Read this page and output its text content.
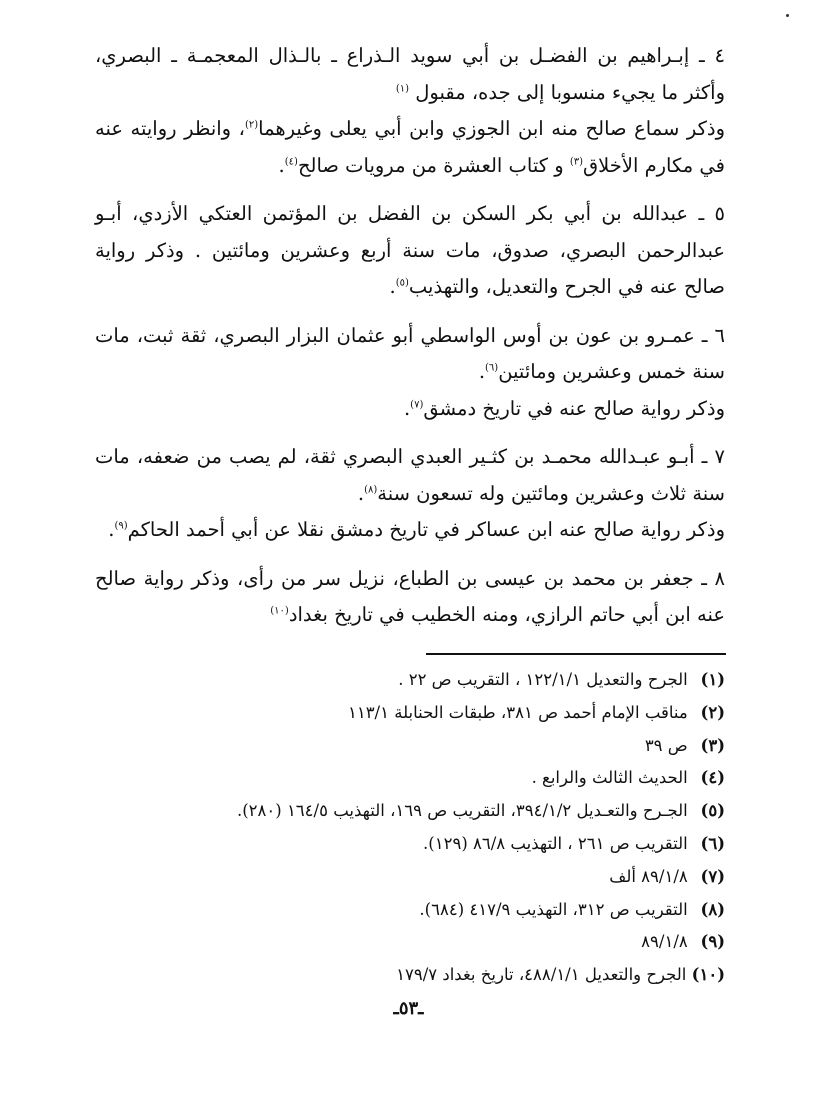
٤ ـ إبـراهيم بن الفضـل بن أبي سويد الـذراع ـ بالـذال المعجمـة ـ البصري، وأكثر ما يجيء منسوبا إلى جده، مقبول $^{(١)}$

وذكر سماع صالح منه ابن الجوزي وابن أبي يعلى وغيرهما$^{(٢)}$، وانظر روايته عنه في مكارم الأخلاق$^{(٣)}$ و كتاب العشرة من مرويات صالح$^{(٤)}$.

٥ ـ عبدالله بن أبي بكر السكن بن الفضل بن المؤتمن العتكي الأزدي، أبـو عبدالرحمن البصري، صدوق، مات سنة أربع وعشرين ومائتين . وذكر رواية صالح عنه في الجرح والتعديل، والتهذيب$^{(٥)}$.

٦ ـ عمـرو بن عون بن أوس الواسطي أبو عثمان البزار البصري، ثقة ثبت، مات سنة خمس وعشرين ومائتين$^{(٦)}$.

وذكر رواية صالح عنه في تاريخ دمشق$^{(٧)}$.

٧ ـ أبـو عبـدالله محمـد بن كثـير العبدي البصري ثقة، لم يصب من ضعفه، مات سنة ثلاث وعشرين ومائتين وله تسعون سنة$^{(٨)}$.

وذكر رواية صالح عنه ابن عساكر في تاريخ دمشق نقلا عن أبي أحمد الحاكم$^{(٩)}$.

٨ ـ جعفر بن محمد بن عيسى بن الطباع، نزيل سر من رأى، وذكر رواية صالح عنه ابن أبي حاتم الرازي، ومنه الخطيب في تاريخ بغداد$^{(١٠)}$

(١) الجرح والتعديل ١٢٢/١/١ ، التقريب ص ٢٢ .
(٢) مناقب الإمام أحمد ص ٣٨١، طبقات الحنابلة ١١٣/١
(٣) ص ٣٩
(٤) الحديث الثالث والرابع .
(٥) الجـرح والتعـديل ٣٩٤/١/٢، التقريب ص ١٦٩، التهذيب ١٦٤/٥ (٢٨٠).
(٦) التقريب ص ٢٦١ ، التهذيب ٨٦/٨ (١٢٩).
(٧) ٨٩/١/٨ ألف
(٨) التقريب ص ٣١٢، التهذيب ٤١٧/٩ (٦٨٤).
(٩) ٨٩/١/٨
(١٠) الجرح والتعديل ٤٨٨/١/١، تاريخ بغداد ١٧٩/٧
ـ٥٣ـ
